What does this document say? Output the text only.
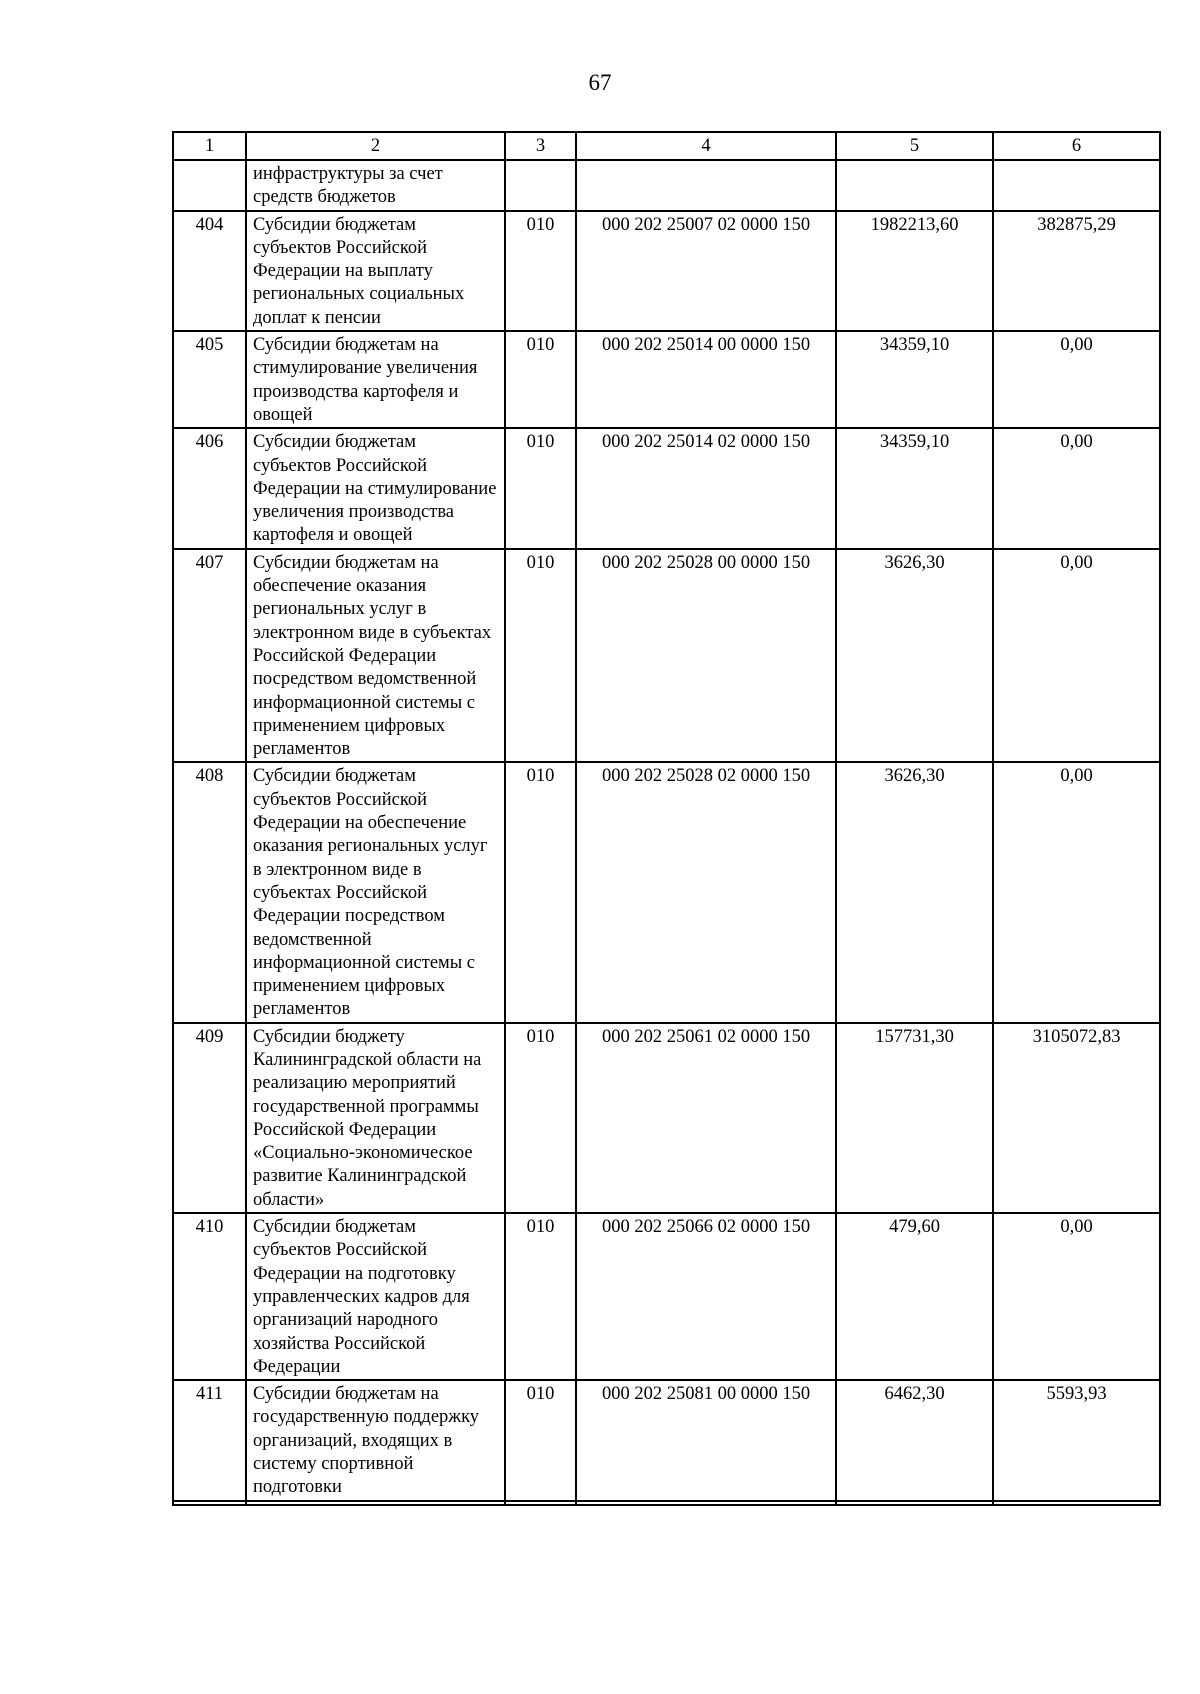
67
1	2	3	4	5	6
	инфраструктуры за счет средств бюджетов				
404	Субсидии бюджетам субъектов Российской Федерации на выплату региональных социальных доплат к пенсии	010	000 202 25007 02 0000 150	1982213,60	382875,29
405	Субсидии бюджетам на стимулирование увеличения производства картофеля и овощей	010	000 202 25014 00 0000 150	34359,10	0,00
406	Субсидии бюджетам субъектов Российской Федерации на стимулирование увеличения производства картофеля и овощей	010	000 202 25014 02 0000 150	34359,10	0,00
407	Субсидии бюджетам на обеспечение оказания региональных услуг в электронном виде в субъектах Российской Федерации посредством ведомственной информационной системы с применением цифровых регламентов	010	000 202 25028 00 0000 150	3626,30	0,00
408	Субсидии бюджетам субъектов Российской Федерации на обеспечение оказания региональных услуг в электронном виде в субъектах Российской Федерации посредством ведомственной информационной системы с применением цифровых регламентов	010	000 202 25028 02 0000 150	3626,30	0,00
409	Субсидии бюджету Калининградской области на реализацию мероприятий государственной программы Российской Федерации «Социально-экономическое развитие Калининградской области»	010	000 202 25061 02 0000 150	157731,30	3105072,83
410	Субсидии бюджетам субъектов Российской Федерации на подготовку управленческих кадров для организаций народного хозяйства Российской Федерации	010	000 202 25066 02 0000 150	479,60	0,00
411	Субсидии бюджетам на государственную поддержку организаций, входящих в систему спортивной подготовки	010	000 202 25081 00 0000 150	6462,30	5593,93
